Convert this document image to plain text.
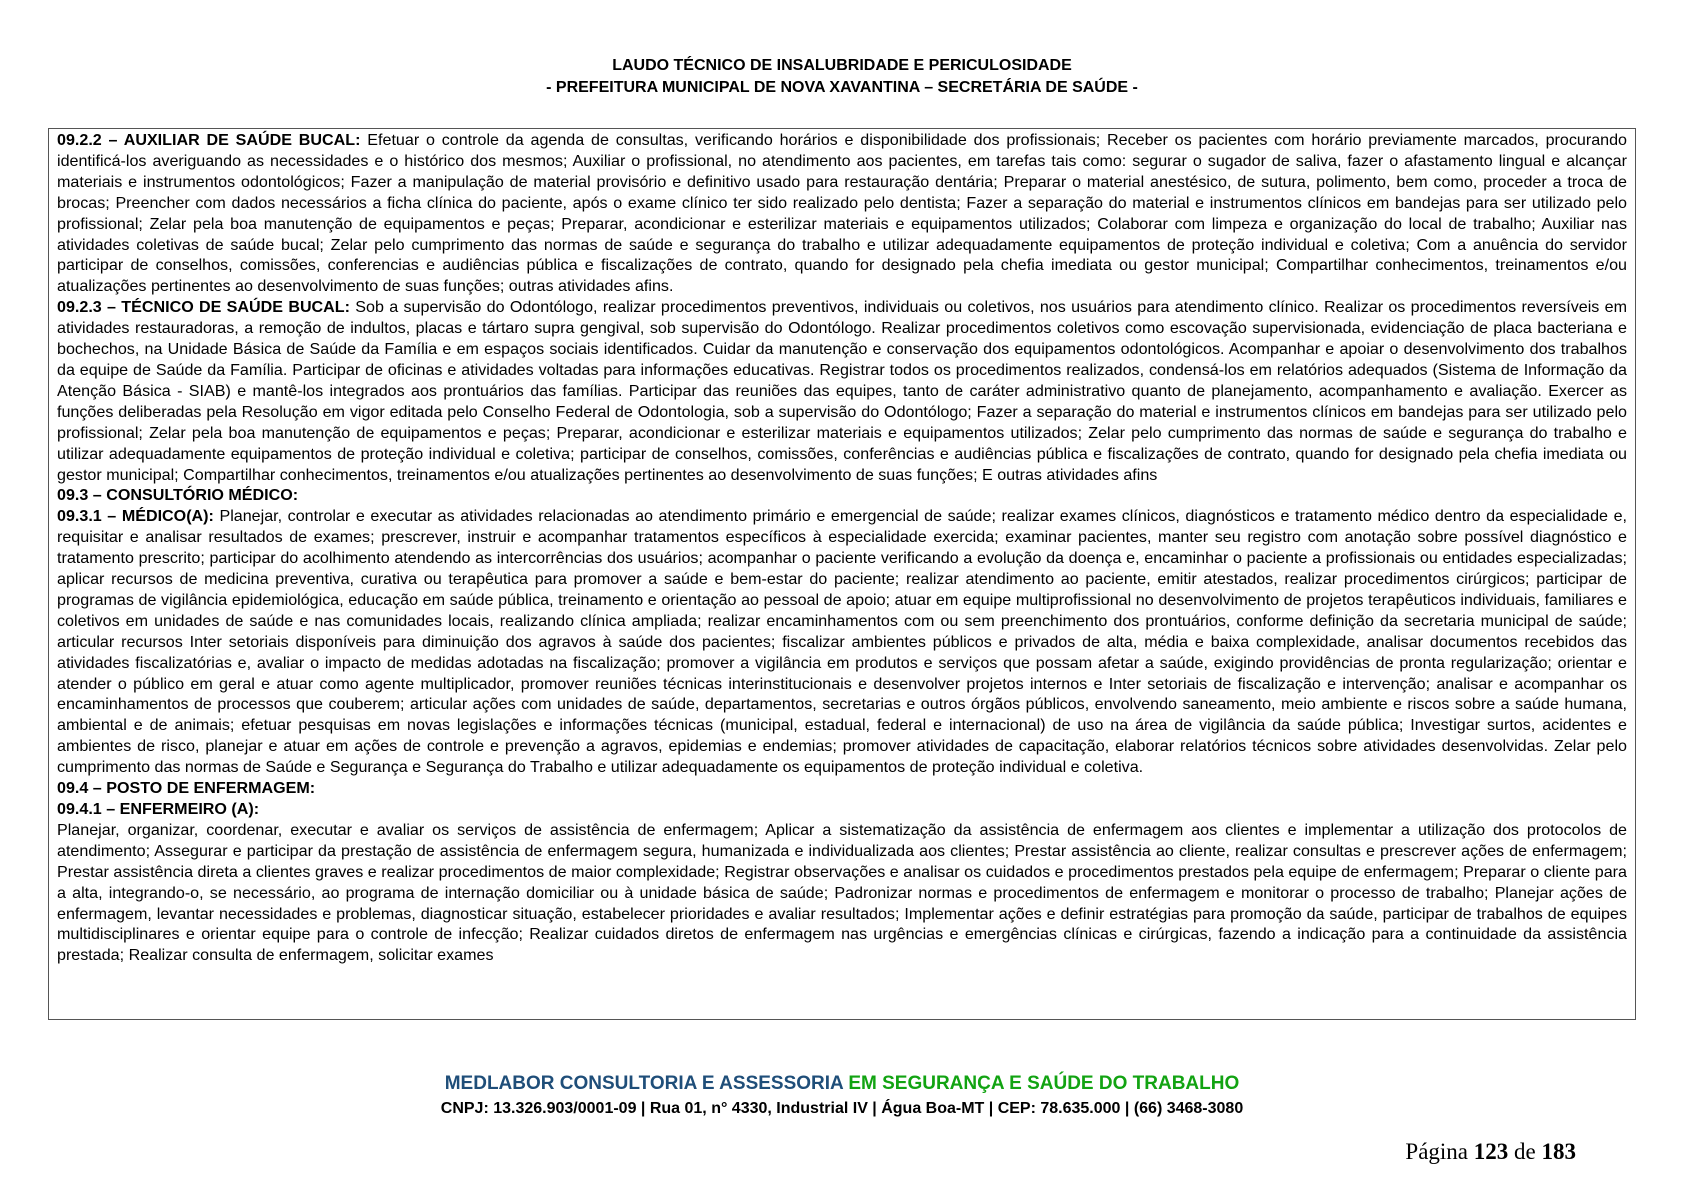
LAUDO TÉCNICO DE INSALUBRIDADE E PERICULOSIDADE
- PREFEITURA MUNICIPAL DE NOVA XAVANTINA – SECRETÁRIA DE SAÚDE -

09.2.2 – AUXILIAR DE SAÚDE BUCAL: Efetuar o controle da agenda de consultas, verificando horários e disponibilidade dos profissionais; Receber os pacientes com horário previamente marcados, procurando identificá-los averiguando as necessidades e o histórico dos mesmos; Auxiliar o profissional, no atendimento aos pacientes, em tarefas tais como: segurar o sugador de saliva, fazer o afastamento lingual e alcançar materiais e instrumentos odontológicos; Fazer a manipulação de material provisório e definitivo usado para restauração dentária; Preparar o material anestésico, de sutura, polimento, bem como, proceder a troca de brocas; Preencher com dados necessários a ficha clínica do paciente, após o exame clínico ter sido realizado pelo dentista; Fazer a separação do material e instrumentos clínicos em bandejas para ser utilizado pelo profissional; Zelar pela boa manutenção de equipamentos e peças; Preparar, acondicionar e esterilizar materiais e equipamentos utilizados; Colaborar com limpeza e organização do local de trabalho; Auxiliar nas atividades coletivas de saúde bucal; Zelar pelo cumprimento das normas de saúde e segurança do trabalho e utilizar adequadamente equipamentos de proteção individual e coletiva; Com a anuência do servidor participar de conselhos, comissões, conferencias e audiências pública e fiscalizações de contrato, quando for designado pela chefia imediata ou gestor municipal; Compartilhar conhecimentos, treinamentos e/ou atualizações pertinentes ao desenvolvimento de suas funções; outras atividades afins.

09.2.3 – TÉCNICO DE SAÚDE BUCAL: Sob a supervisão do Odontólogo, realizar procedimentos preventivos, individuais ou coletivos, nos usuários para atendimento clínico. Realizar os procedimentos reversíveis em atividades restauradoras, a remoção de indultos, placas e tártaro supra gengival, sob supervisão do Odontólogo. Realizar procedimentos coletivos como escovação supervisionada, evidenciação de placa bacteriana e bochechos, na Unidade Básica de Saúde da Família e em espaços sociais identificados. Cuidar da manutenção e conservação dos equipamentos odontológicos. Acompanhar e apoiar o desenvolvimento dos trabalhos da equipe de Saúde da Família. Participar de oficinas e atividades voltadas para informações educativas. Registrar todos os procedimentos realizados, condensá-los em relatórios adequados (Sistema de Informação da Atenção Básica - SIAB) e mantê-los integrados aos prontuários das famílias. Participar das reuniões das equipes, tanto de caráter administrativo quanto de planejamento, acompanhamento e avaliação. Exercer as funções deliberadas pela Resolução em vigor editada pelo Conselho Federal de Odontologia, sob a supervisão do Odontólogo; Fazer a separação do material e instrumentos clínicos em bandejas para ser utilizado pelo profissional; Zelar pela boa manutenção de equipamentos e peças; Preparar, acondicionar e esterilizar materiais e equipamentos utilizados; Zelar pelo cumprimento das normas de saúde e segurança do trabalho e utilizar adequadamente equipamentos de proteção individual e coletiva; participar de conselhos, comissões, conferências e audiências pública e fiscalizações de contrato, quando for designado pela chefia imediata ou gestor municipal; Compartilhar conhecimentos, treinamentos e/ou atualizações pertinentes ao desenvolvimento de suas funções; E outras atividades afins

09.3 – CONSULTÓRIO MÉDICO:

09.3.1 – MÉDICO(A): Planejar, controlar e executar as atividades relacionadas ao atendimento primário e emergencial de saúde; realizar exames clínicos, diagnósticos e tratamento médico dentro da especialidade e, requisitar e analisar resultados de exames; prescrever, instruir e acompanhar tratamentos específicos à especialidade exercida; examinar pacientes, manter seu registro com anotação sobre possível diagnóstico e tratamento prescrito; participar do acolhimento atendendo as intercorrências dos usuários; acompanhar o paciente verificando a evolução da doença e, encaminhar o paciente a profissionais ou entidades especializadas; aplicar recursos de medicina preventiva, curativa ou terapêutica para promover a saúde e bem-estar do paciente; realizar atendimento ao paciente, emitir atestados, realizar procedimentos cirúrgicos; participar de programas de vigilância epidemiológica, educação em saúde pública, treinamento e orientação ao pessoal de apoio; atuar em equipe multiprofissional no desenvolvimento de projetos terapêuticos individuais, familiares e coletivos em unidades de saúde e nas comunidades locais, realizando clínica ampliada; realizar encaminhamentos com ou sem preenchimento dos prontuários, conforme definição da secretaria municipal de saúde; articular recursos Inter setoriais disponíveis para diminuição dos agravos à saúde dos pacientes; fiscalizar ambientes públicos e privados de alta, média e baixa complexidade, analisar documentos recebidos das atividades fiscalizatórias e, avaliar o impacto de medidas adotadas na fiscalização; promover a vigilância em produtos e serviços que possam afetar a saúde, exigindo providências de pronta regularização; orientar e atender o público em geral e atuar como agente multiplicador, promover reuniões técnicas interinstitucionais e desenvolver projetos internos e Inter setoriais de fiscalização e intervenção; analisar e acompanhar os encaminhamentos de processos que couberem; articular ações com unidades de saúde, departamentos, secretarias e outros órgãos públicos, envolvendo saneamento, meio ambiente e riscos sobre a saúde humana, ambiental e de animais; efetuar pesquisas em novas legislações e informações técnicas (municipal, estadual, federal e internacional) de uso na área de vigilância da saúde pública; Investigar surtos, acidentes e ambientes de risco, planejar e atuar em ações de controle e prevenção a agravos, epidemias e endemias; promover atividades de capacitação, elaborar relatórios técnicos sobre atividades desenvolvidas. Zelar pelo cumprimento das normas de Saúde e Segurança e Segurança do Trabalho e utilizar adequadamente os equipamentos de proteção individual e coletiva.

09.4 – POSTO DE ENFERMAGEM:

09.4.1 – ENFERMEIRO (A):

Planejar, organizar, coordenar, executar e avaliar os serviços de assistência de enfermagem; Aplicar a sistematização da assistência de enfermagem aos clientes e implementar a utilização dos protocolos de atendimento; Assegurar e participar da prestação de assistência de enfermagem segura, humanizada e individualizada aos clientes; Prestar assistência ao cliente, realizar consultas e prescrever ações de enfermagem; Prestar assistência direta a clientes graves e realizar procedimentos de maior complexidade; Registrar observações e analisar os cuidados e procedimentos prestados pela equipe de enfermagem; Preparar o cliente para a alta, integrando-o, se necessário, ao programa de internação domiciliar ou à unidade básica de saúde; Padronizar normas e procedimentos de enfermagem e monitorar o processo de trabalho; Planejar ações de enfermagem, levantar necessidades e problemas, diagnosticar situação, estabelecer prioridades e avaliar resultados; Implementar ações e definir estratégias para promoção da saúde, participar de trabalhos de equipes multidisciplinares e orientar equipe para o controle de infecção; Realizar cuidados diretos de enfermagem nas urgências e emergências clínicas e cirúrgicas, fazendo a indicação para a continuidade da assistência prestada; Realizar consulta de enfermagem, solicitar exames

MEDLABOR CONSULTORIA E ASSESSORIA EM SEGURANÇA E SAÚDE DO TRABALHO
CNPJ: 13.326.903/0001-09 | Rua 01, n° 4330, Industrial IV | Água Boa-MT | CEP: 78.635.000 | (66) 3468-3080
Página 123 de 183
